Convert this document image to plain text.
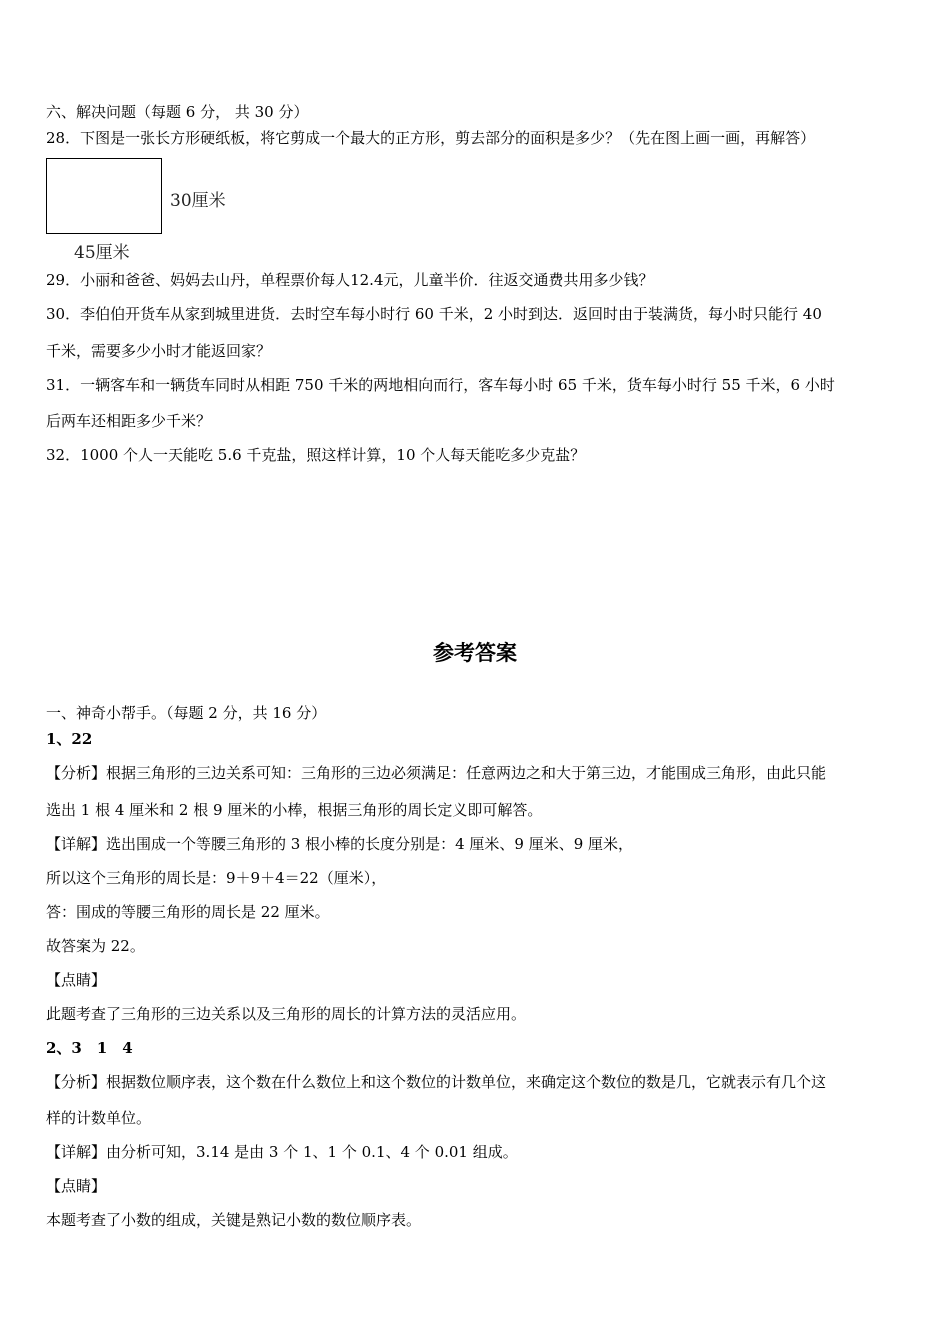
六、解决问题（每题 6 分， 共 30 分）
28．下图是一张长方形硬纸板，将它剪成一个最大的正方形，剪去部分的面积是多少？（先在图上画一画，再解答）
30厘米
45厘米
29．小丽和爸爸、妈妈去山丹，单程票价每人12.4元，儿童半价．往返交通费共用多少钱？
30．李伯伯开货车从家到城里进货．去时空车每小时行 60 千米，2 小时到达．返回时由于装满货，每小时只能行 40
千米，需要多少小时才能返回家？
31．一辆客车和一辆货车同时从相距 750 千米的两地相向而行，客车每小时 65 千米，货车每小时行 55 千米，6 小时
后两车还相距多少千米？
32．1000 个人一天能吃 5.6 千克盐，照这样计算，10 个人每天能吃多少克盐？
参考答案
一、神奇小帮手。（每题 2 分，共 16 分）
1、22
【分析】根据三角形的三边关系可知：三角形的三边必须满足：任意两边之和大于第三边，才能围成三角形，由此只能
选出 1 根 4 厘米和 2 根 9 厘米的小棒，根据三角形的周长定义即可解答。
【详解】选出围成一个等腰三角形的 3 根小棒的长度分别是：4 厘米、9 厘米、9 厘米，
所以这个三角形的周长是：9＋9＋4＝22（厘米），
答：围成的等腰三角形的周长是 22 厘米。
故答案为 22。
【点睛】
此题考查了三角形的三边关系以及三角形的周长的计算方法的灵活应用。
2、3　1　4
【分析】根据数位顺序表，这个数在什么数位上和这个数位的计数单位，来确定这个数位的数是几，它就表示有几个这
样的计数单位。
【详解】由分析可知，3.14 是由 3 个 1、1 个 0.1、4 个 0.01 组成。
【点睛】
本题考查了小数的组成，关键是熟记小数的数位顺序表。
